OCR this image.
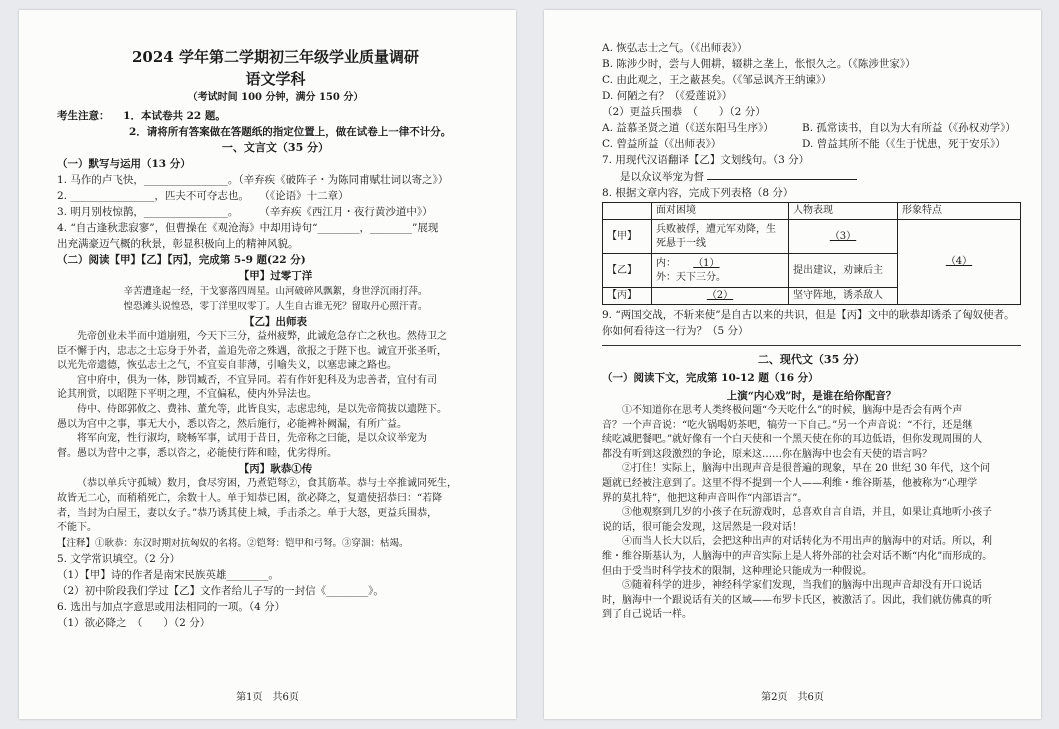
2024 学年第二学期初三年级学业质量调研
语文学科
（考试时间 100 分钟，满分 150 分）
考生注意： 1．本试卷共 22 题。
2．请将所有答案做在答题纸的指定位置上，做在试卷上一律不计分。
一、文言文（35 分）
（一）默写与运用（13 分）
1. 马作的卢飞快，________________。（辛弃疾《破阵子・为陈同甫赋壮词以寄之》）
2. ________________，匹夫不可夺志也。　　（《论语》十二章）
3. 明月别枝惊鹊，________________。　　　（辛弃疾《西江月・夜行黄沙道中》）
4. “自古逢秋悲寂寥”，但曹操在《观沧海》中却用诗句“________，________”展现
出充满豪迈气概的秋景，彰显积极向上的精神风貌。
（二）阅读【甲】【乙】【丙】，完成第 5-9 题(22 分)
【甲】过零丁洋
辛苦遭逢起一经，干戈寥落四周星。山河破碎风飘絮，身世浮沉雨打萍。
惶恐滩头说惶恐，零丁洋里叹零丁。人生自古谁无死？留取丹心照汗青。
【乙】出师表
先帝创业未半而中道崩殂，今天下三分，益州疲弊，此诚危急存亡之秋也。然侍卫之
臣不懈于内，忠志之士忘身于外者，盖追先帝之殊遇，欲报之于陛下也。诚宜开张圣听，
以光先帝遗德，恢弘志士之气，不宜妄自菲薄，引喻失义，以塞忠谏之路也。
宫中府中，俱为一体，陟罚臧否，不宜异同。若有作奸犯科及为忠善者，宜付有司
论其刑赏，以昭陛下平明之理，不宜偏私，使内外异法也。
侍中、侍郎郭攸之、费祎、董允等，此皆良实，志虑忠纯，是以先帝简拔以遗陛下。
愚以为宫中之事，事无大小，悉以咨之，然后施行，必能裨补阙漏，有所广益。
将军向宠，性行淑均，晓畅军事，试用于昔日，先帝称之曰能，是以众议举宠为
督。愚以为营中之事，悉以咨之，必能使行阵和睦，优劣得所。
【丙】耿恭①传
（恭以单兵守孤城）数月，食尽穷困，乃煮铠弩②，食其筋革。恭与士卒推诚同死生，
故皆无二心，而稍稍死亡，余数十人。单于知恭已困，欲必降之，复遣使招恭曰：“若降
者，当封为白屋王，妻以女子。”恭乃诱其使上城，手击杀之。单于大怒，更益兵围恭，
不能下。
【注释】①耿恭：东汉时期对抗匈奴的名将。②铠弩：铠甲和弓弩。③穿涸：枯竭。
5. 文学常识填空。（2 分）
（1）【甲】诗的作者是南宋民族英雄________。
（2）初中阶段我们学过【乙】文作者给儿子写的一封信《________》。
6. 选出与加点字意思或用法相同的一项。（4 分）
（1）欲必降之　（　　）（2 分）
第1页　共6页
A. 恢弘志士之气。（《出师表》）
B. 陈涉少时，尝与人佣耕，辍耕之垄上，怅恨久之。（《陈涉世家》）
C. 由此观之，王之蔽甚矣。（《邹忌讽齐王纳谏》）
D. 何陋之有？（《爱莲说》）
（2）更益兵围恭　（　　）（2 分）
A. 益慕圣贤之道（《送东阳马生序》）	B. 孤常读书，自以为大有所益（《孙权劝学》）
C. 曾益所益（《出师表》）	D. 曾益其所不能（《生于忧患，死于安乐》）
7. 用现代汉语翻译【乙】文划线句。（3 分）
是以众议举宠为督
8. 根据文章内容，完成下列表格（8 分）
	面对困境	人物表现	形象特点
【甲】	兵败被俘，遭元军劝降，生死悬于一线	（3）	（4）
【乙】	内： （1）
外：天下三分。	提出建议，劝谏后主	
【丙】	（2）	坚守阵地，诱杀敌人	
9. “两国交战，不斩来使”是自古以来的共识，但是【丙】文中的耿恭却诱杀了匈奴使者。
你如何看待这一行为？（5 分）
二、现代文（35 分）
（一）阅读下文，完成第 10-12 题（16 分）
上演“内心戏”时，是谁在给你配音？
①不知道你在思考人类终极问题“今天吃什么”的时候，脑海中是否会有两个声
音？一个声音说：“吃火锅喝奶茶吧，犒劳一下自己。”另一个声音说：“不行，还是继
续吃减肥餐吧。”就好像有一个白天使和一个黑天使在你的耳边低语，但你发现周围的人
都没有听到这段激烈的争论，原来这……你在脑海中也会有天使的语言吗？
②打住！实际上，脑海中出现声音是很普遍的现象，早在 20 世纪 30 年代，这个问
题就已经被注意到了。这里不得不提到一个人——利维・维谷斯基，他被称为“心理学
界的莫扎特”，他把这种声音叫作“内部语言”。
③他观察到几岁的小孩子在玩游戏时，总喜欢自言自语，并且，如果让真地听小孩子
说的话，很可能会发现，这居然是一段对话！
④而当人长大以后，会把这种出声的对话转化为不用出声的脑海中的对话。所以，利
维・维谷斯基认为，人脑海中的声音实际上是人将外部的社会对话不断“内化”而形成的。
但由于受当时科学技术的限制，这种理论只能成为一种假说。
⑤随着科学的进步，神经科学家们发现，当我们的脑海中出现声音却没有开口说话
时，脑海中一个跟说话有关的区域——布罗卡氏区，被激活了。因此，我们就仿佛真的听
到了自己说话一样。
第2页　共6页
